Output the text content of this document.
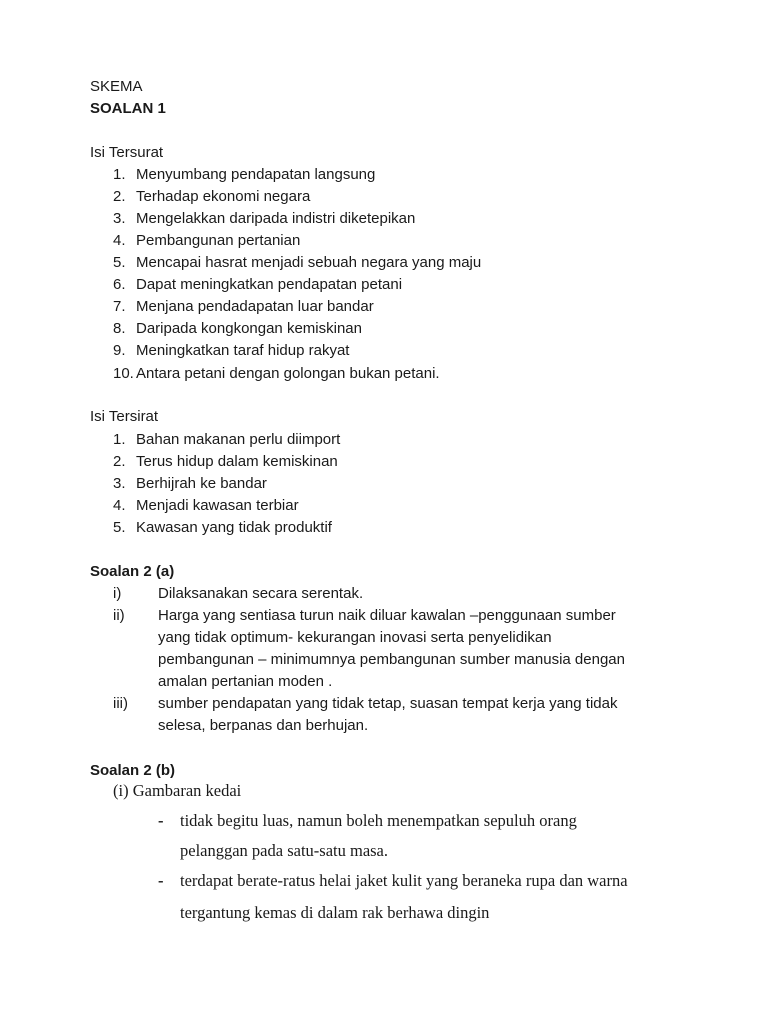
SKEMA
SOALAN 1
Isi Tersurat
1. Menyumbang pendapatan langsung
2. Terhadap ekonomi negara
3. Mengelakkan daripada indistri diketepikan
4. Pembangunan pertanian
5. Mencapai hasrat menjadi sebuah negara yang maju
6. Dapat meningkatkan pendapatan petani
7. Menjana pendadapatan luar bandar
8. Daripada kongkongan kemiskinan
9. Meningkatkan taraf hidup rakyat
10. Antara petani dengan golongan bukan petani.
Isi Tersirat
1. Bahan makanan perlu diimport
2. Terus hidup dalam kemiskinan
3. Berhijrah ke bandar
4. Menjadi kawasan terbiar
5. Kawasan yang tidak produktif
Soalan 2 (a)
i) Dilaksanakan secara serentak.
ii) Harga yang sentiasa turun naik diluar kawalan –penggunaan sumber
yang tidak optimum- kekurangan inovasi serta penyelidikan
pembangunan – minimumnya pembangunan sumber manusia dengan
amalan pertanian moden .
iii) sumber pendapatan yang tidak tetap, suasan tempat kerja yang tidak
selesa, berpanas dan berhujan.
Soalan 2 (b)
(i) Gambaran kedai
- tidak begitu luas, namun boleh menempatkan sepuluh orang
pelanggan pada satu-satu masa.
- terdapat berate-ratus helai jaket kulit yang beraneka rupa dan warna
tergantung kemas di dalam rak berhawa dingin
